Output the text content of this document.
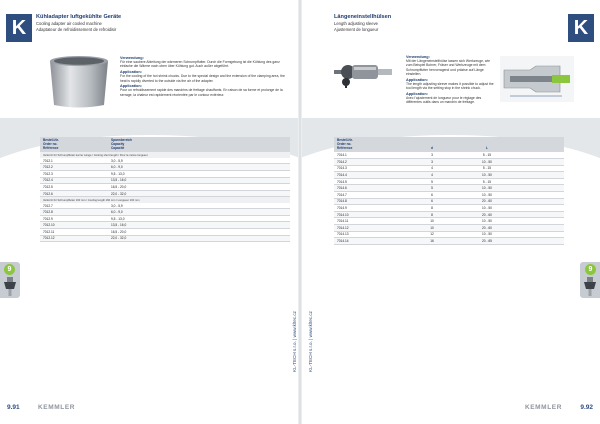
K	Kühladapter luftgekühlte Geräte
Cooling adapter air cooled machine
Adaptateur de refroidissement de refroidisir

Verwendung:
Für eine saubere Ableitung der wärmeren Schrumpffutter. Durch die Formgebung ist die Kühlung des ganz einfache die Wärme nach oben über Kühlung gut. Auch außer abgeführt.

Application:
For the cooling of the hot shrink chucks. Due to the special design and the extension of the clamping area, the heat is rapidly diverted to the outside via the air of the adapter.

Application:
Pour un refroidissement rapide des mandrins de frettage chauffants. En raison de sa forme et prolonge de la serrage, la chaleur est rapidement réorientée par le contour extérieur.

Bestell-Nr.
Order no.
Référence
Spannbereich
Capacity
Capacité
Verkürzt für Schrumpffutter kurzer Länge / Cooling short length / Pour la même longueur
7012.1	3,0 - 5,9
7012.2	6,0 - 9,0
7012.3	9,5 - 13,0
7012.4	13,5 - 16,0
7012.5	16,5 - 20,0
7012.6	22,0 - 32,0
Verkürzt für Schrumpffutter 160 mm / Cooling length 160 mm / Longueur 160 mm
7012.7	3,0 - 5,9
7012.8	6,0 - 9,0
7012.9	9,5 - 13,0
7012.10	13,5 - 16,0
7012.11	16,5 - 20,0
7012.12	22,0 - 32,0
9
KL-TECH s.r.o. | www.kltec.cz
9.91	KEMMLER
K
Längeneinstellhülsen
Length adjusting sleeve
Ajustement de longueur

Verwendung:
Mit der Längeneinstellhülse lassen sich Werkzeuge, wie zum Beispiel Bohrer, Fräser und Werkzeuge mit dem Schrumpffutter hervorragend und präzise auf Länge einstellen.

Application:
The length adjusting sleeve makes it possible to adjust the tool length via the setting stop in the shrink chuck.

Application:
Avec l'ajustement de longueur pour le réglage des différentes outils dans un mandrin de frettage.

Bestell-Nr.
Order no.
Référence	d	L
7014.1	3	5 - 15
7014.2	3	10 - 50
7014.3	4	5 - 15
7014.4	4	10 - 50
7014.5	5	5 - 15
7014.6	5	10 - 50
7014.7	6	10 - 50
7014.8	6	20 - 60
7014.9	8	10 - 50
7014.10	8	20 - 60
7014.11	10	10 - 50
7014.12	10	20 - 60
7014.13	12	10 - 50
7014.14	16	20 - 65
9
KL-TECH s.r.o. | www.kltec.cz
9.92
KEMMLER
